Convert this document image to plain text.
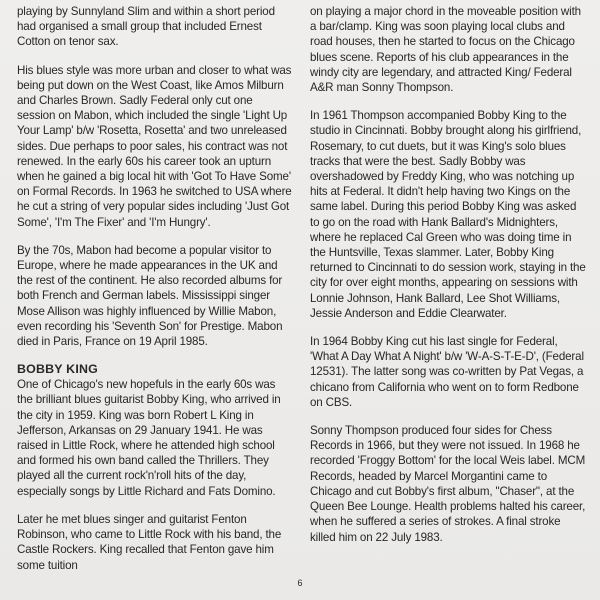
playing by Sunnyland Slim and within a short period had organised a small group that included Ernest Cotton on tenor sax.

His blues style was more urban and closer to what was being put down on the West Coast, like Amos Milburn and Charles Brown. Sadly Federal only cut one session on Mabon, which included the single 'Light Up Your Lamp' b/w 'Rosetta, Rosetta' and two unreleased sides. Due perhaps to poor sales, his contract was not renewed. In the early 60s his career took an upturn when he gained a big local hit with 'Got To Have Some' on Formal Records. In 1963 he switched to USA where he cut a string of very popular sides including 'Just Got Some', 'I'm The Fixer' and 'I'm Hungry'.

By the 70s, Mabon had become a popular visitor to Europe, where he made appearances in the UK and the rest of the continent. He also recorded albums for both French and German labels. Mississippi singer Mose Allison was highly influenced by Willie Mabon, even recording his 'Seventh Son' for Prestige. Mabon died in Paris, France on 19 April 1985.

BOBBY KING

One of Chicago's new hopefuls in the early 60s was the brilliant blues guitarist Bobby King, who arrived in the city in 1959. King was born Robert L King in Jefferson, Arkansas on 29 January 1941. He was raised in Little Rock, where he attended high school and formed his own band called the Thrillers. They played all the current rock'n'roll hits of the day, especially songs by Little Richard and Fats Domino.

Later he met blues singer and guitarist Fenton Robinson, who came to Little Rock with his band, the Castle Rockers. King recalled that Fenton gave him some tuition

on playing a major chord in the moveable position with a bar/clamp. King was soon playing local clubs and road houses, then he started to focus on the Chicago blues scene. Reports of his club appearances in the windy city are legendary, and attracted King/ Federal A&R man Sonny Thompson.

In 1961 Thompson accompanied Bobby King to the studio in Cincinnati. Bobby brought along his girlfriend, Rosemary, to cut duets, but it was King's solo blues tracks that were the best. Sadly Bobby was overshadowed by Freddy King, who was notching up hits at Federal. It didn't help having two Kings on the same label. During this period Bobby King was asked to go on the road with Hank Ballard's Midnighters, where he replaced Cal Green who was doing time in the Huntsville, Texas slammer. Later, Bobby King returned to Cincinnati to do session work, staying in the city for over eight months, appearing on sessions with Lonnie Johnson, Hank Ballard, Lee Shot Williams, Jessie Anderson and Eddie Clearwater.

In 1964 Bobby King cut his last single for Federal, 'What A Day What A Night' b/w 'W-A-S-T-E-D', (Federal 12531). The latter song was co-written by Pat Vegas, a chicano from California who went on to form Redbone on CBS.

Sonny Thompson produced four sides for Chess Records in 1966, but they were not issued. In 1968 he recorded 'Froggy Bottom' for the local Weis label. MCM Records, headed by Marcel Morgantini came to Chicago and cut Bobby's first album, "Chaser", at the Queen Bee Lounge. Health problems halted his career, when he suffered a series of strokes. A final stroke killed him on 22 July 1983.

6
